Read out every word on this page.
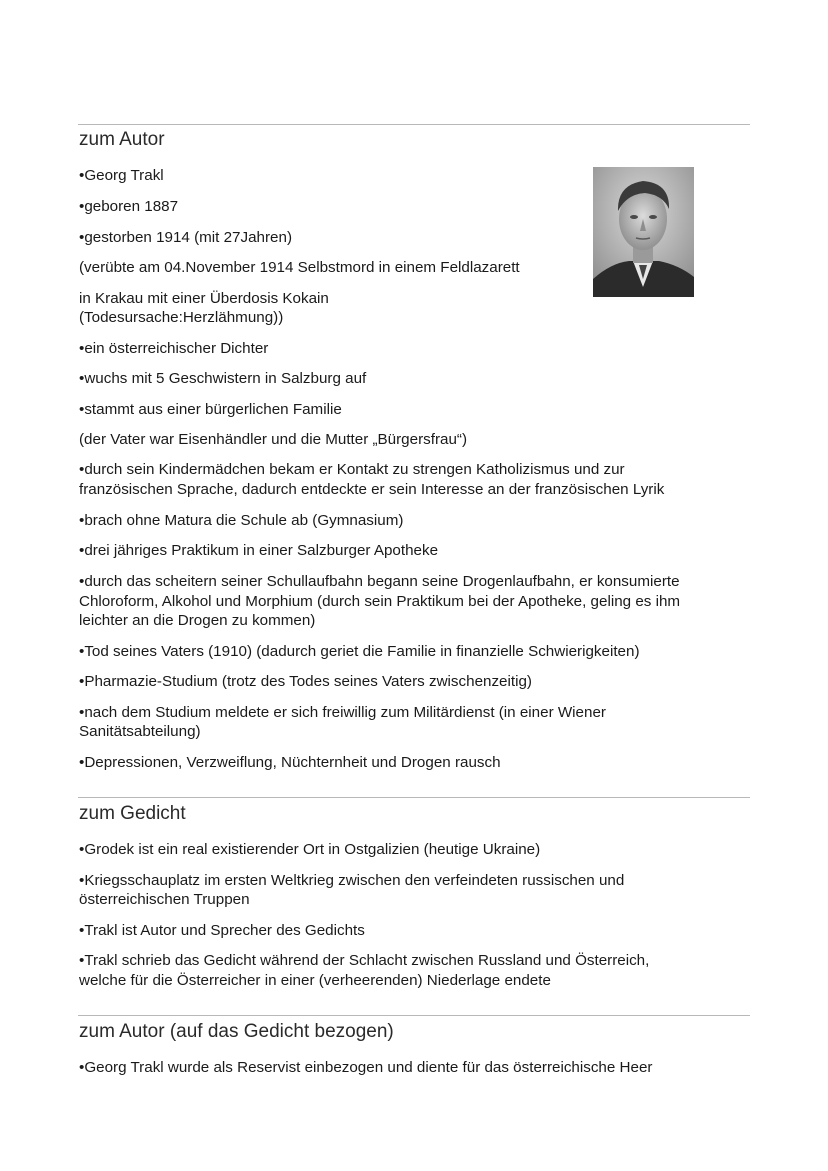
zum Autor
•Georg Trakl
•geboren 1887
•gestorben 1914 (mit 27Jahren)
(verübte am 04.November 1914 Selbstmord in einem Feldlazarett
in Krakau mit einer Überdosis Kokain
(Todesursache:Herzlähmung))
•ein österreichischer Dichter
•wuchs mit 5 Geschwistern in Salzburg auf
•stammt aus einer bürgerlichen Familie
(der Vater war Eisenhändler und die Mutter „Bürgersfrau“)
•durch sein Kindermädchen bekam er Kontakt zu strengen Katholizismus und zur
französischen Sprache, dadurch entdeckte er sein Interesse an der französischen Lyrik
•brach ohne Matura die Schule ab (Gymnasium)
•drei jähriges Praktikum in einer Salzburger Apotheke
•durch das scheitern seiner Schullaufbahn begann seine Drogenlaufbahn, er konsumierte
Chloroform, Alkohol und Morphium (durch sein Praktikum bei der Apotheke, geling es ihm
leichter an die Drogen zu kommen)
•Tod seines Vaters (1910) (dadurch geriet die Familie in finanzielle Schwierigkeiten)
•Pharmazie-Studium (trotz des Todes seines Vaters zwischenzeitig)
•nach dem Studium meldete er sich freiwillig zum Militärdienst (in einer Wiener
Sanitätsabteilung)
•Depressionen, Verzweiflung, Nüchternheit und Drogen rausch
zum Gedicht
•Grodek ist ein real existierender Ort in Ostgalizien (heutige Ukraine)
•Kriegsschauplatz im ersten Weltkrieg zwischen den verfeindeten russischen und
österreichischen Truppen
•Trakl ist Autor und Sprecher des Gedichts
•Trakl schrieb das Gedicht während der Schlacht zwischen Russland und Österreich,
welche für die Österreicher in einer (verheerenden) Niederlage endete
zum Autor (auf das Gedicht bezogen)
•Georg Trakl wurde als Reservist einbezogen und diente für das österreichische Heer
